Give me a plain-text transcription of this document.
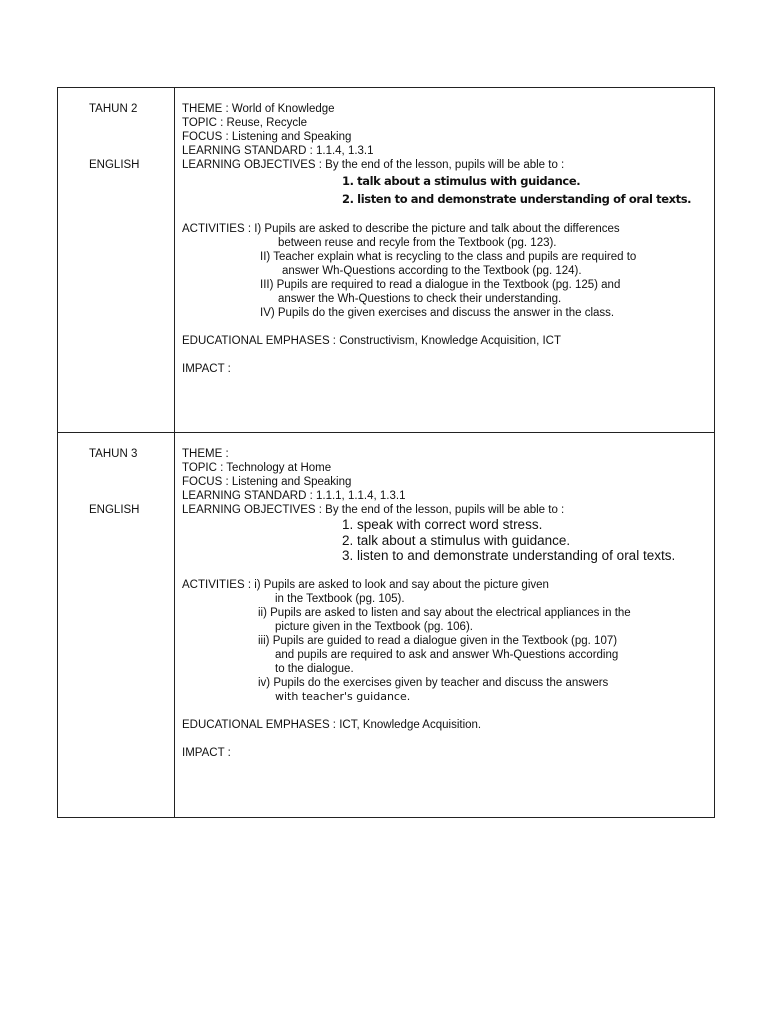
TAHUN 2
ENGLISH
THEME : World of Knowledge
TOPIC : Reuse, Recycle
FOCUS : Listening and Speaking
LEARNING STANDARD : 1.1.4, 1.3.1
LEARNING OBJECTIVES : By the end of the lesson, pupils will be able to :
1. talk about a stimulus with guidance.
2. listen to and demonstrate understanding of oral texts.
ACTIVITIES : I) Pupils are asked to describe the picture and talk about the differences
between reuse and recyle from the Textbook (pg. 123).
II) Teacher explain what is recycling to the class and pupils are required to
answer Wh-Questions according to the Textbook (pg. 124).
III) Pupils are required to read a dialogue in the Textbook (pg. 125) and
answer the Wh-Questions to check their understanding.
IV) Pupils do the given exercises and discuss the answer in the class.
EDUCATIONAL EMPHASES : Constructivism, Knowledge Acquisition, ICT
IMPACT :
TAHUN 3
ENGLISH
THEME :
TOPIC : Technology at Home
FOCUS : Listening and Speaking
LEARNING STANDARD : 1.1.1, 1.1.4, 1.3.1
LEARNING OBJECTIVES : By the end of the lesson, pupils will be able to :
1. speak with correct word stress.
2. talk about a stimulus with guidance.
3. listen to and demonstrate understanding of oral texts.
ACTIVITIES : i) Pupils are asked to look and say about the picture given
in the Textbook (pg. 105).
ii) Pupils are asked to listen and say about the electrical appliances in the
picture given in the Textbook (pg. 106).
iii) Pupils are guided to read a dialogue given in the Textbook (pg. 107)
and pupils are required to ask and answer Wh-Questions according
to the dialogue.
iv) Pupils do the exercises given by teacher and discuss the answers
with teacher's guidance.
EDUCATIONAL EMPHASES : ICT, Knowledge Acquisition.
IMPACT :
